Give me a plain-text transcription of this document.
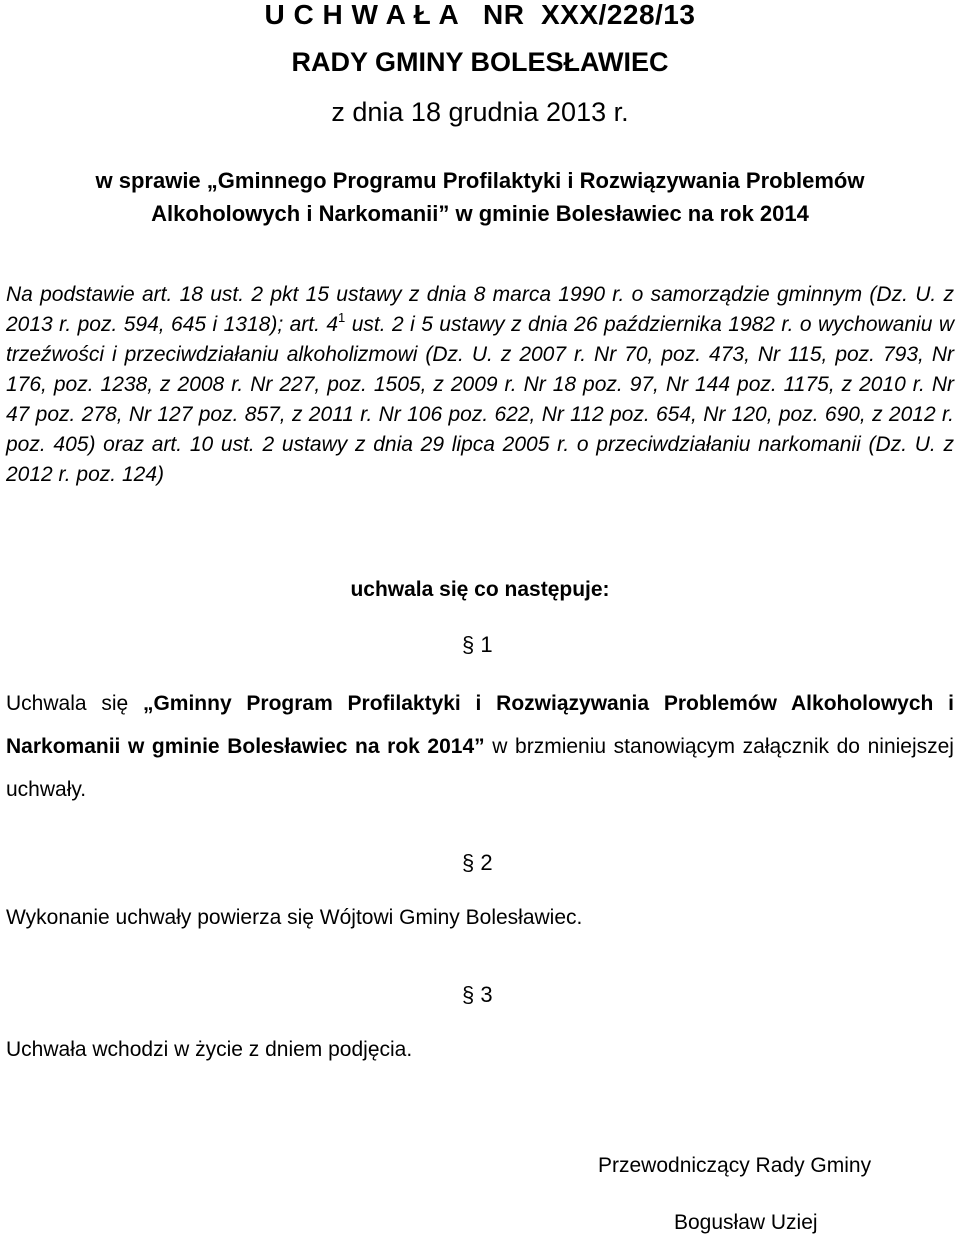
U C H W A Ł A   NR  XXX/228/13
RADY GMINY BOLESŁAWIEC
z dnia 18 grudnia 2013 r.
w sprawie „Gminnego Programu Profilaktyki i Rozwiązywania Problemów
Alkoholowych i Narkomanii” w gminie Bolesławiec na rok 2014
Na podstawie art. 18 ust. 2 pkt 15 ustawy z dnia 8 marca 1990 r. o samorządzie gminnym (Dz. U. z 2013 r. poz. 594, 645 i 1318); art. $4^1$ ust. 2 i 5 ustawy z dnia 26 października 1982 r. o wychowaniu w trzeźwości i przeciwdziałaniu alkoholizmowi (Dz. U. z 2007 r. Nr 70, poz. 473, Nr 115, poz. 793, Nr 176, poz. 1238, z 2008 r. Nr 227, poz. 1505, z 2009 r. Nr 18 poz. 97, Nr 144 poz. 1175, z 2010 r. Nr 47 poz. 278, Nr 127 poz. 857, z 2011 r. Nr 106 poz. 622, Nr 112 poz. 654, Nr 120, poz. 690, z 2012 r. poz. 405) oraz art. 10 ust. 2 ustawy z dnia 29 lipca 2005 r. o przeciwdziałaniu narkomanii (Dz. U. z 2012 r. poz. 124)
uchwala się co następuje:
§ 1
Uchwala się „Gminny Program Profilaktyki i Rozwiązywania Problemów Alkoholowych i Narkomanii w gminie Bolesławiec na rok 2014” w brzmieniu stanowiącym załącznik do niniejszej uchwały.
§ 2
Wykonanie uchwały powierza się Wójtowi Gminy Bolesławiec.
§ 3
Uchwała wchodzi w życie z dniem podjęcia.
Przewodniczący Rady Gminy
Bogusław Uziej
